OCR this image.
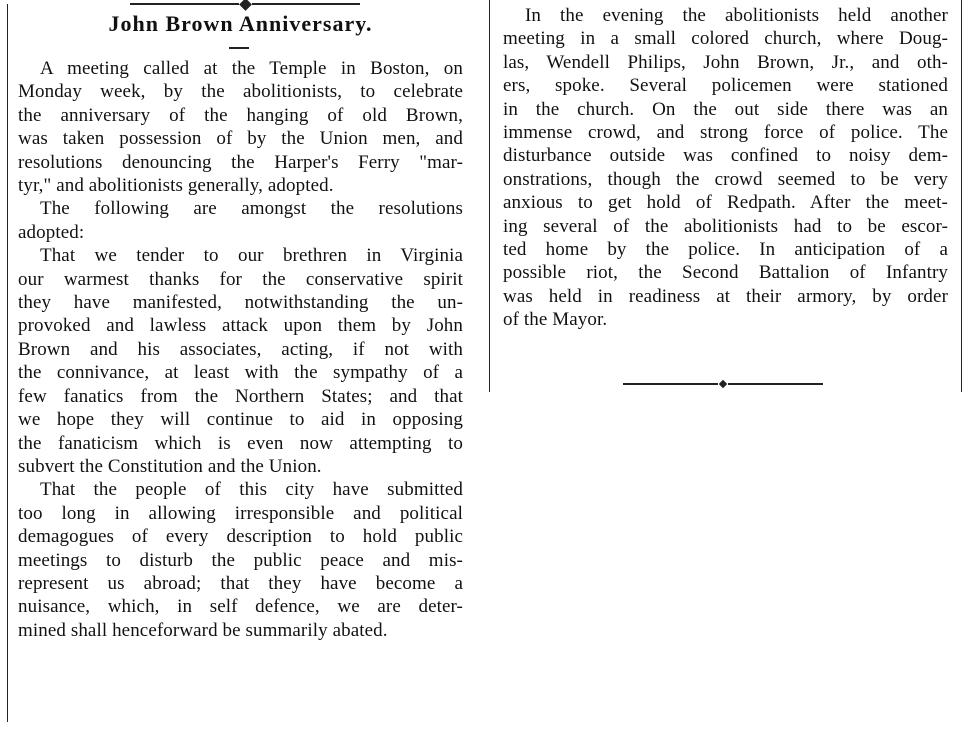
John Brown Anniversary.
A meeting called at the Temple in Boston, on
Monday week, by the abolitionists, to celebrate
the anniversary of the hanging of old Brown,
was taken possession of by the Union men, and
resolutions denouncing the Harper's Ferry "mar-
tyr," and abolitionists generally, adopted.
The following are amongst the resolutions
adopted:
That we tender to our brethren in Virginia
our warmest thanks for the conservative spirit
they have manifested, notwithstanding the un-
provoked and lawless attack upon them by John
Brown and his associates, acting, if not with
the connivance, at least with the sympathy of a
few fanatics from the Northern States; and that
we hope they will continue to aid in opposing
the fanaticism which is even now attempting to
subvert the Constitution and the Union.
That the people of this city have submitted
too long in allowing irresponsible and political
demagogues of every description to hold public
meetings to disturb the public peace and mis-
represent us abroad; that they have become a
nuisance, which, in self defence, we are deter-
mined shall henceforward be summarily abated.
In the evening the abolitionists held another
meeting in a small colored church, where Doug-
las, Wendell Philips, John Brown, Jr., and oth-
ers, spoke. Several policemen were stationed
in the church. On the out side there was an
immense crowd, and strong force of police. The
disturbance outside was confined to noisy dem-
onstrations, though the crowd seemed to be very
anxious to get hold of Redpath. After the meet-
ing several of the abolitionists had to be escor-
ted home by the police. In anticipation of a
possible riot, the Second Battalion of Infantry
was held in readiness at their armory, by order
of the Mayor.
